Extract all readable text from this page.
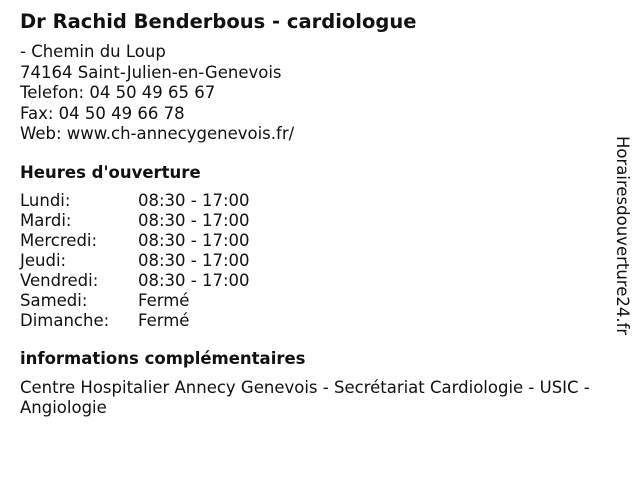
Dr Rachid Benderbous - cardiologue
- Chemin du Loup
74164 Saint-Julien-en-Genevois
Telefon: 04 50 49 65 67
Fax: 04 50 49 66 78
Web: www.ch-annecygenevois.fr/
Heures d'ouverture
Lundi:	08:30 - 17:00
Mardi:	08:30 - 17:00
Mercredi:	08:30 - 17:00
Jeudi:	08:30 - 17:00
Vendredi:	08:30 - 17:00
Samedi:	Fermé
Dimanche:	Fermé
informations complémentaires
Centre Hospitalier Annecy Genevois - Secrétariat Cardiologie - USIC - Angiologie
Horairesdouverture24.fr
